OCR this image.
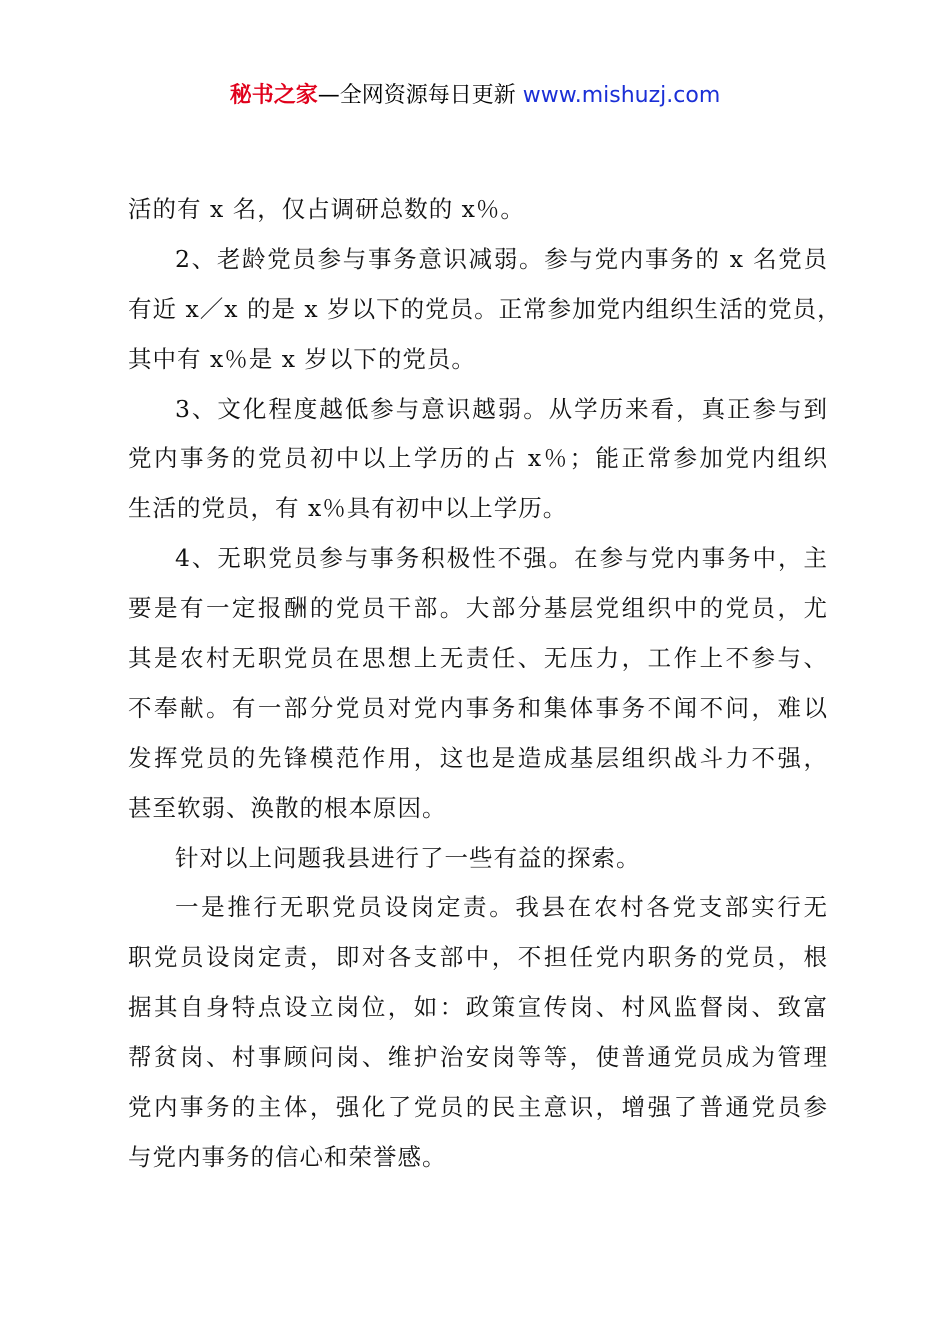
秘书之家—全网资源每日更新 www.mishuzj.com
活的有 x 名，仅占调研总数的 x％。
2、老龄党员参与事务意识减弱。参与党内事务的 x 名党员
有近 x／x 的是 x 岁以下的党员。正常参加党内组织生活的党员，
其中有 x％是 x 岁以下的党员。
3、文化程度越低参与意识越弱。从学历来看，真正参与到
党内事务的党员初中以上学历的占 x％；能正常参加党内组织
生活的党员，有 x％具有初中以上学历。
4、无职党员参与事务积极性不强。在参与党内事务中，主
要是有一定报酬的党员干部。大部分基层党组织中的党员，尤
其是农村无职党员在思想上无责任、无压力，工作上不参与、
不奉献。有一部分党员对党内事务和集体事务不闻不问，难以
发挥党员的先锋模范作用，这也是造成基层组织战斗力不强，
甚至软弱、涣散的根本原因。
针对以上问题我县进行了一些有益的探索。
一是推行无职党员设岗定责。我县在农村各党支部实行无
职党员设岗定责，即对各支部中，不担任党内职务的党员，根
据其自身特点设立岗位，如：政策宣传岗、村风监督岗、致富
帮贫岗、村事顾问岗、维护治安岗等等，使普通党员成为管理
党内事务的主体，强化了党员的民主意识，增强了普通党员参
与党内事务的信心和荣誉感。
